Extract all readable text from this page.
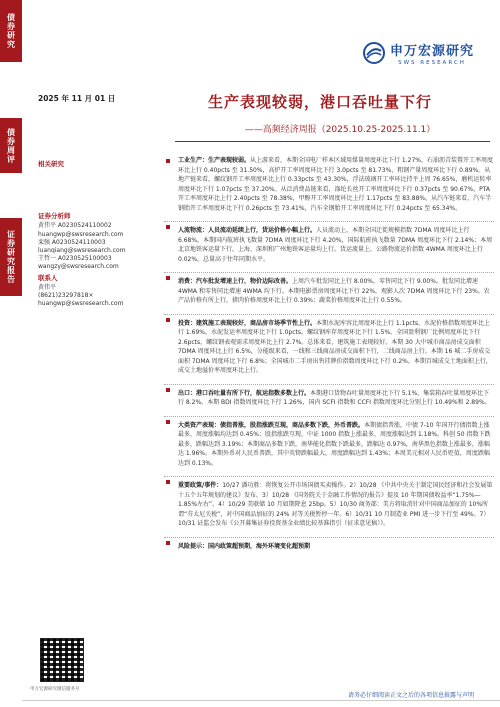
债券研究
债券周评
证券研究报告
申万宏源研究
SWS RESEARCH
2025 年 11 月 01 日	生产表现较弱，港口吞吐量下行
——高频经济周报（2025.10.25-2025.11.1）
相关研究
证券分析师
黄伟平 A0230524110002
huangwp@swsresearch.com
栾强 A0230524110003
luanqiang@swsresearch.com
王哲一 A0230525100003
wangzy@swsresearch.com
联系人
黄伟平
(8621)23297818×
huangwp@swsresearch.com
工业生产：生产表现较弱。从上游来看，本期全国电厂样本区域用煤量周度环比下行 1.27%，石油沥青装置开工率周度环比上行 0.40pcts 至 31.50%，高炉开工率周度环比下行 3.0pcts 至 81.73%，粗钢产量周度环比下行 0.89%。从地产链来看，螺纹钢开工率周度环比上行 0.33pcts 至 43.30%，浮法玻璃开工率环比持平上周 76.65%，磨机运转率周度环比下行 1.07pcts 至 37.20%。从泛消费品链来看，涤纶长丝开工率周度环比下行 0.37pcts 至 90.67%，PTA 开工率周度环比上行 2.40pcts 至 78.38%，甲醇开工率周度环比上行 1.17pcts 至 83.88%。从汽车链来看，汽车半钢胎开工率周度环比下行 0.26pcts 至 73.41%，汽车全钢胎开工率周度环比下行 0.24pcts 至 65.34%。
人流物流：人员流动延续上行，货运价格小幅上行。人员流动上，本期全国迁徙规模指数 7DMA 周度环比上行 6.68%，本期国内航班执飞数量 7DMA 周度环比下行 4.20%，国际航班执飞数量 7DMA 周度环比下行 2.14%；本周北京地铁客运量下行，上海、深圳和广州地铁客运量均上行。货运流量上，公路物流运价指数 4WMA 周度环比上行 0.02%，总量高于往年同期水平。
消费：汽车批发增速上行，物价边际改善。上周汽车批发同比上行 8.00%，零售同比下行 9.00%。批发同比增速 4WMA 和零售同比增速 4WMA 均下行。本期电影票房周度环比下行 22%，观影人次 7DMA 周度环比下行 23%。农产品价格有所上行，猪肉价格周度环比上行 0.39%；蔬菜价格周度环比上行 0.55%。
投资：建筑施工表现较好，商品房市场季节性上行。本期水泥库容比周度环比上行 1.1pcts，水泥价格指数周度环比上行 1.69%，水泥发运率周度环比下行 1.0pcts。螺纹钢库存周度环比下行 1.5%。全国盈利钢厂比例周度环比下行 2.6pcts，螺纹钢表观需求周度环比上行 2.7%。总体来看，建筑施工表现较好。本期 30 大中城市商品房成交面积 7DMA 周度环比上行 6.5%，分能级来看，一线和三线商品房成交面积下行，二线商品房上行。本期 16 城二手房成交面积 7DMA 周度环比下行 6.8%；全国城市二手房出售挂牌价指数周度环比下行 0.2%。本期百城成交土地面积上行，成交土地溢价率周度环比上行。
出口：港口吞吐量有所下行，航运指数多数上行。本期港口货物吞吐量周度环比下行 5.1%，集装箱吞吐量周度环比下行 8.2%。本期 BDI 指数周度环比下行 1.26%，国内 SCFI 指数和 CCFI 指数周度环比分别上行 10.49%和 2.89%。
大类资产表现：债指普涨，股指涨跌互现，商品多数下跌，外币普跌。本期债指普涨，中债 7-10 年国开行债指数上涨最多，周度涨幅均达到 0.45%；股指涨跌互现，中证 1000 指数上涨最多，周度涨幅达到 1.18%，科创 50 指数下跌最多，跌幅达到 3.19%；本期商品多数下跌，南华能化指数下跌最多，跌幅达 0.97%，南华黑色指数上涨最多，涨幅达 1.96%。本期外币对人民币普跌，其中英镑跌幅最大，周度跌幅达到 1.43%；本周美元相对人民币贬值，周度跌幅达到 0.13%。
重要政策/事件：10/27 潘功胜：将恢复公开市场国债买卖操作。2）10/28 《中共中央关于制定国民经济和社会发展第十五个五年规划的建议》发布。3）10/28 《国务院关于金融工作情况的报告》提及 10 年期国债收益率“1.75%—1.85%左右”。4）10/29 美联储 10 月如期降息 25bp。5）10/30 商务部：美方将取消针对中国商品加征的 10%所谓“芬太尼关税”，对中国商品加征的 24% 对等关税暂停一年。6）10/31 10 月制造业 PMI 进一步下行至 49%。7）10/31 证监会发布《公开募集证券投资基金业绩比较基准指引（征求意见稿）》。
风险提示：国内政策超预期，海外环境变化超预期
申万宏源研究微信服务号
请务必仔细阅读正文之后的各项信息披露与声明
